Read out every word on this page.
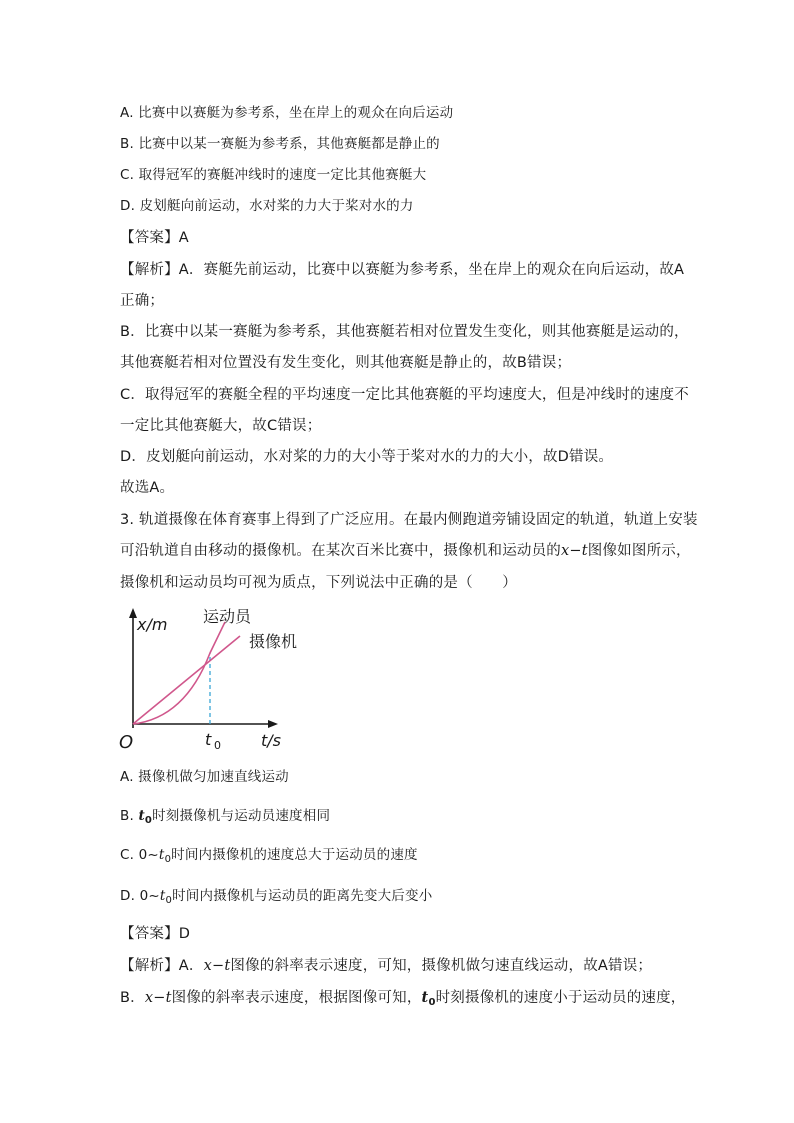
A. 比赛中以赛艇为参考系，坐在岸上的观众在向后运动
B. 比赛中以某一赛艇为参考系，其他赛艇都是静止的
C. 取得冠军的赛艇冲线时的速度一定比其他赛艇大
D. 皮划艇向前运动，水对桨的力大于桨对水的力
【答案】A
【解析】A．赛艇先前运动，比赛中以赛艇为参考系，坐在岸上的观众在向后运动，故A
正确；
B．比赛中以某一赛艇为参考系，其他赛艇若相对位置发生变化，则其他赛艇是运动的，
其他赛艇若相对位置没有发生变化，则其他赛艇是静止的，故B错误；
C．取得冠军的赛艇全程的平均速度一定比其他赛艇的平均速度大，但是冲线时的速度不
一定比其他赛艇大，故C错误；
D．皮划艇向前运动，水对桨的力的大小等于桨对水的力的大小，故D错误。
故选A。
3. 轨道摄像在体育赛事上得到了广泛应用。在最内侧跑道旁铺设固定的轨道，轨道上安装
可沿轨道自由移动的摄像机。在某次百米比赛中，摄像机和运动员的x−t图像如图所示，
摄像机和运动员均可视为质点，下列说法中正确的是（　　）
x/m
t/s
O	t 0
运动员
摄像机
A. 摄像机做匀加速直线运动
B. $t_0$时刻摄像机与运动员速度相同
C. $0\sim t_0$时间内摄像机的速度总大于运动员的速度
D. $0\sim t_0$时间内摄像机与运动员的距离先变大后变小
【答案】D
【解析】A．x−t图像的斜率表示速度，可知，摄像机做匀速直线运动，故A错误；
B．x−t图像的斜率表示速度，根据图像可知，$t_0$时刻摄像机的速度小于运动员的速度，
